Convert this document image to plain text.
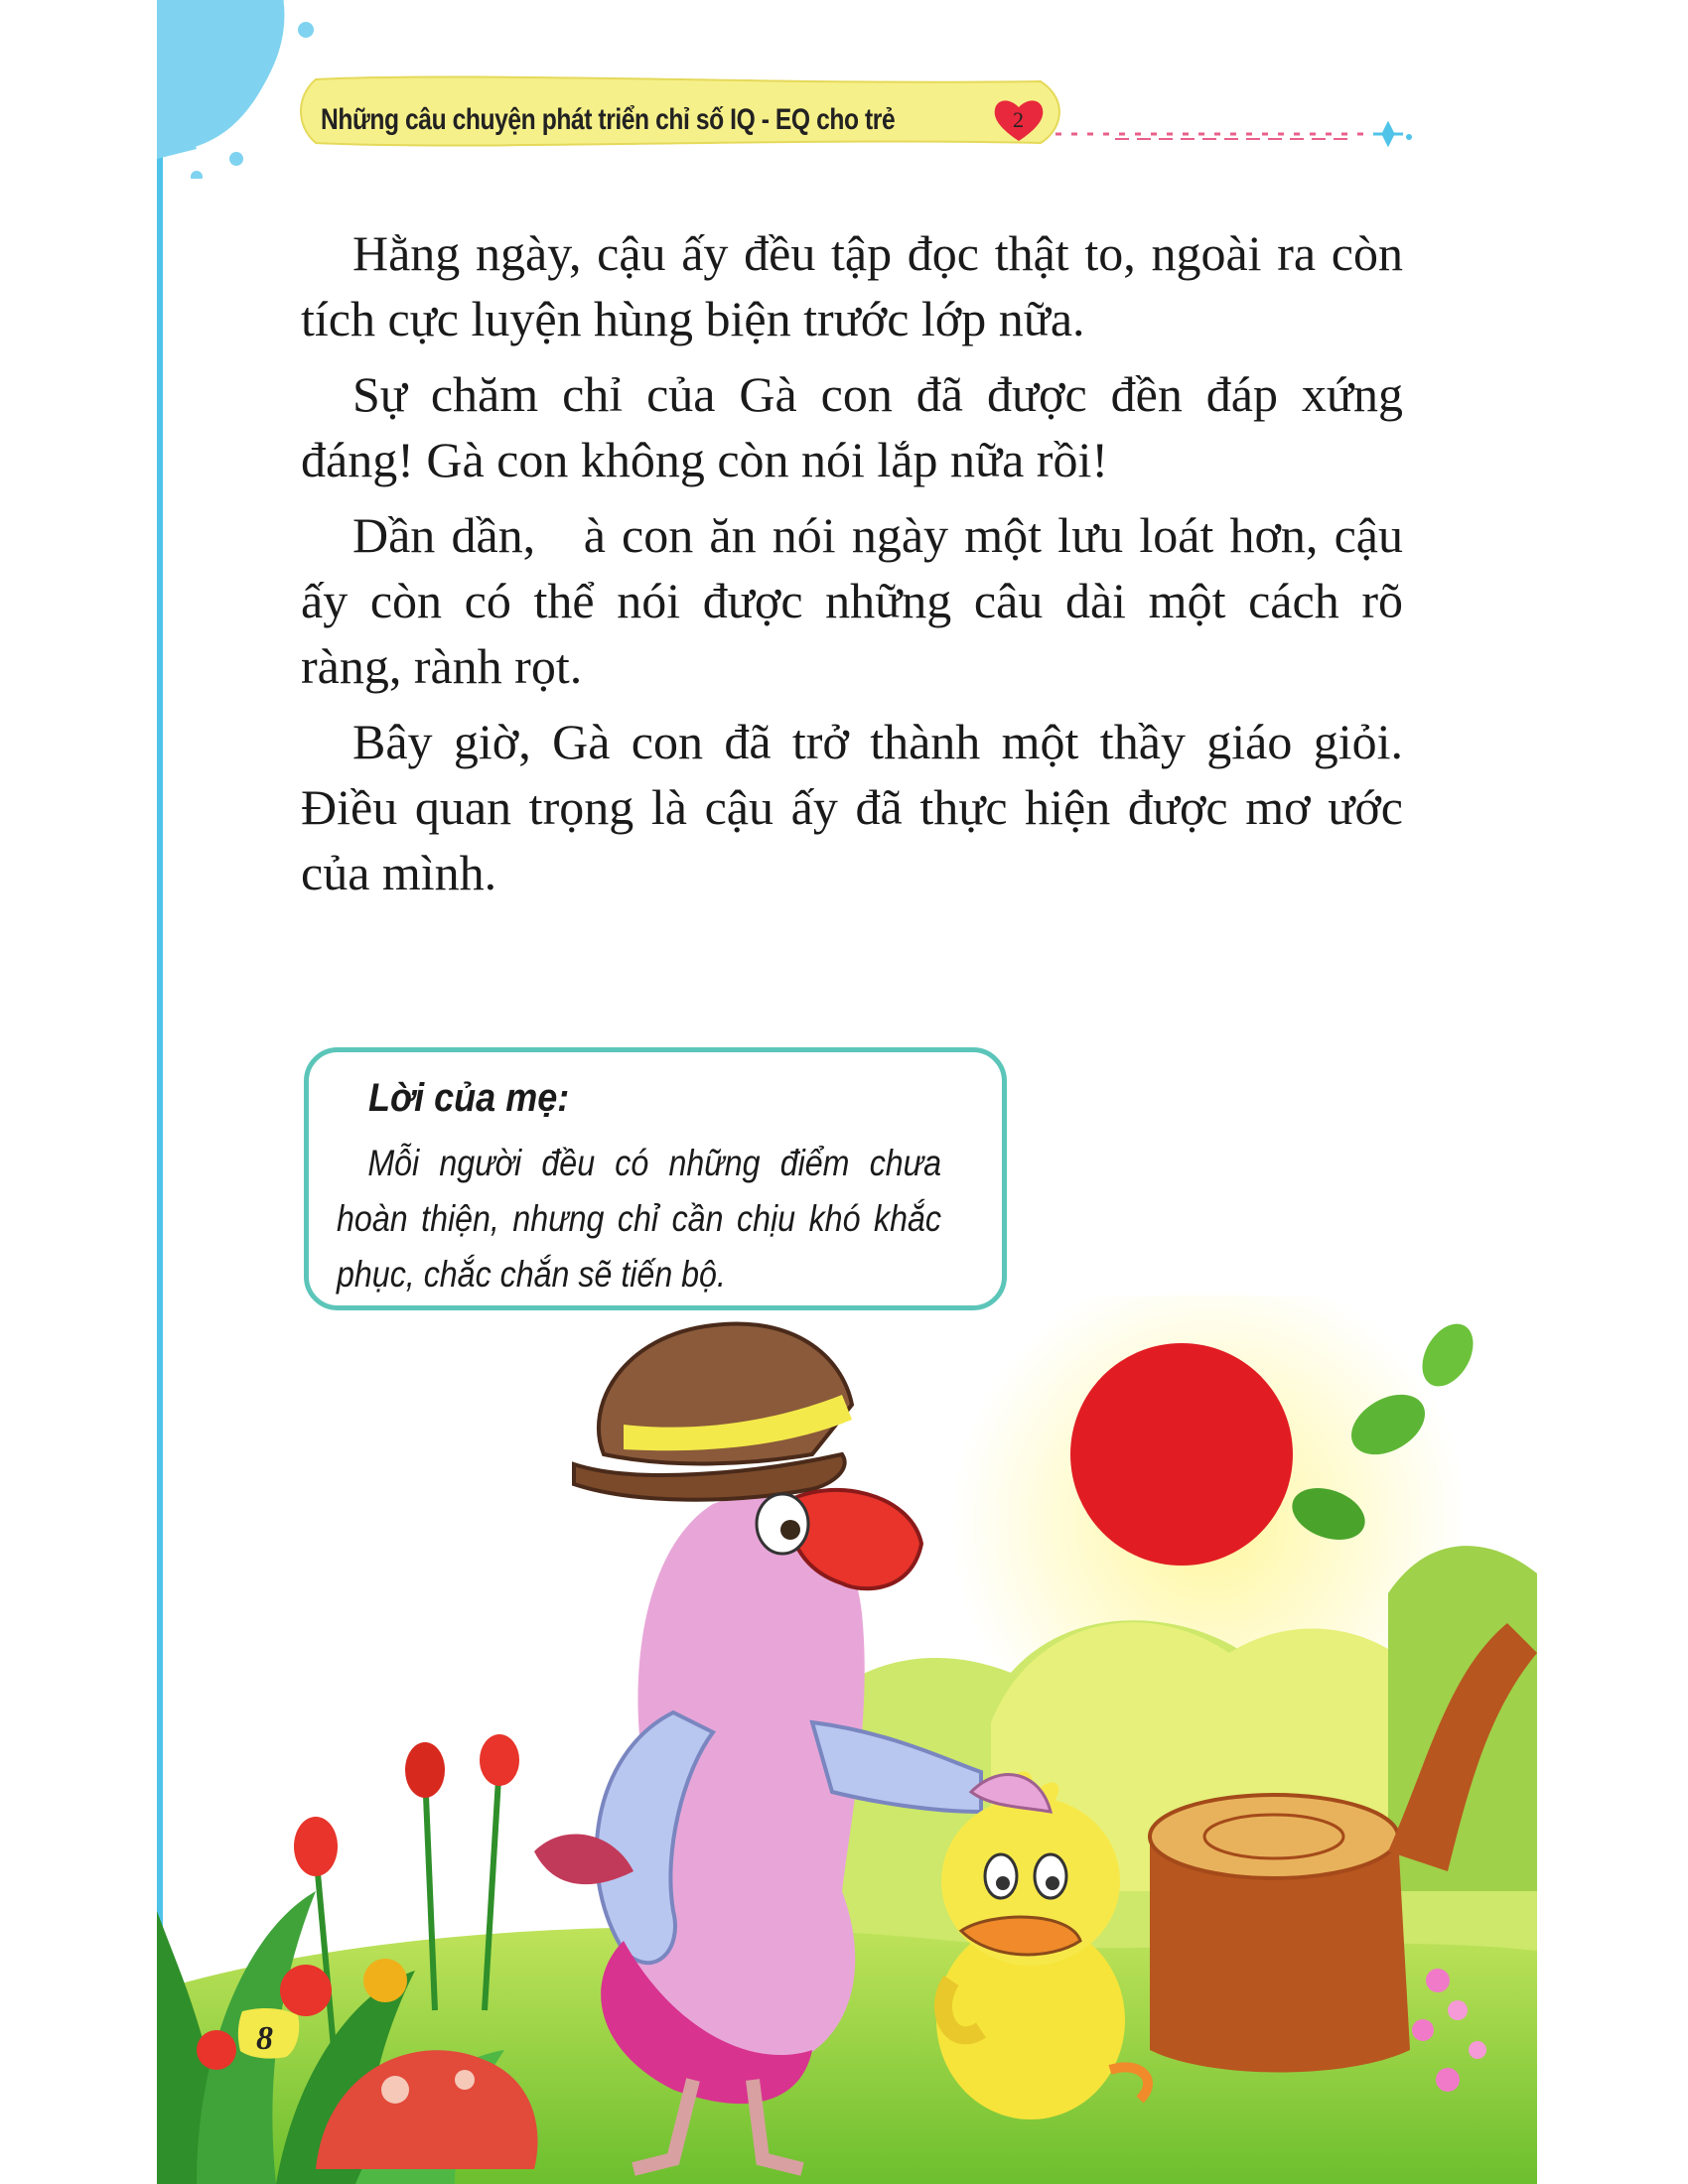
Những câu chuyện phát triển chỉ số IQ - EQ cho trẻ	2

Hằng ngày, cậu ấy đều tập đọc thật to, ngoài ra còn tích cực luyện hùng biện trước lớp nữa.

Sự chăm chỉ của Gà con đã được đền đáp xứng đáng! Gà con không còn nói lắp nữa rồi!

Dần dần,   à con ăn nói ngày một lưu loát hơn, cậu ấy còn có thể nói được những câu dài một cách rõ ràng, rành rọt.

Bây giờ, Gà con đã trở thành một thầy giáo giỏi. Điều quan trọng là cậu ấy đã thực hiện được mơ ước của mình.

Lời của mẹ:
Mỗi người đều có những điểm chưa hoàn thiện, nhưng chỉ cần chịu khó khắc phục, chắc chắn sẽ tiến bộ.
8
